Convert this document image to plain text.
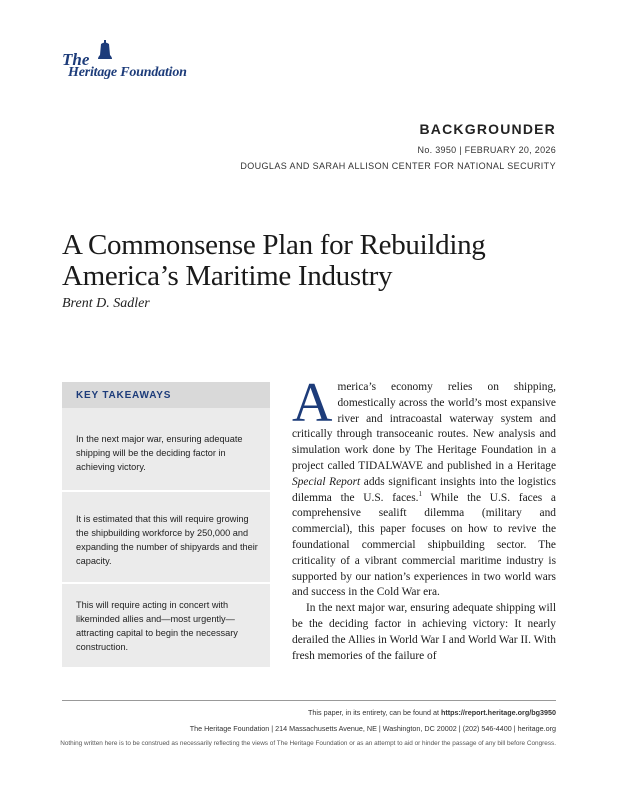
The
Heritage Foundation
BACKGROUNDER
No. 3950 | FEBRUARY 20, 2026
DOUGLAS AND SARAH ALLISON CENTER FOR NATIONAL SECURITY
A Commonsense Plan for Rebuilding America’s Maritime Industry
Brent D. Sadler
KEY TAKEAWAYS
In the next major war, ensuring adequate shipping will be the deciding factor in achieving victory.
It is estimated that this will require growing the shipbuilding workforce by 250,000 and expanding the number of shipyards and their capacity.
This will require acting in concert with likeminded allies and—most urgently—attracting capital to begin the necessary construction.

America’s economy relies on shipping, domestically across the world’s most expansive river and intracoastal waterway system and critically through transoceanic routes. New analysis and simulation work done by The Heritage Foundation in a project called TIDALWAVE and published in a Heritage Special Report adds significant insights into the logistics dilemma the U.S. faces.$^1$ While the U.S. faces a comprehensive sealift dilemma (military and commercial), this paper focuses on how to revive the foundational commercial shipbuilding sector. The criticality of a vibrant commercial maritime industry is supported by our nation’s experiences in two world wars and success in the Cold War era.

In the next major war, ensuring adequate shipping will be the deciding factor in achieving victory: It nearly derailed the Allies in World War I and World War II. With fresh memories of the failure of

This paper, in its entirety, can be found at https://report.heritage.org/bg3950
The Heritage Foundation | 214 Massachusetts Avenue, NE | Washington, DC 20002 | (202) 546-4400 | heritage.org
Nothing written here is to be construed as necessarily reflecting the views of The Heritage Foundation or as an attempt to aid or hinder the passage of any bill before Congress.
